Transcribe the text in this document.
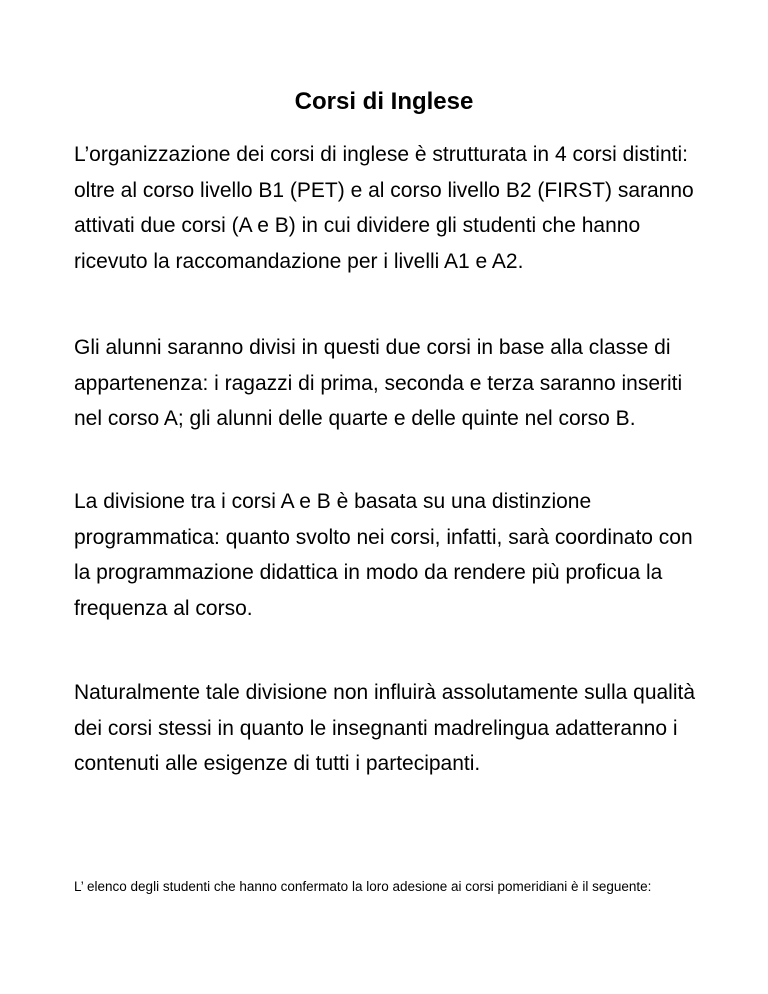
Corsi di Inglese

L’organizzazione dei corsi di inglese è strutturata in 4 corsi distinti: oltre al corso livello B1 (PET) e al corso livello B2 (FIRST) saranno attivati due corsi (A e B) in cui dividere gli studenti che hanno ricevuto la raccomandazione per i livelli A1 e A2.

Gli alunni saranno divisi in questi due corsi in base alla classe di appartenenza: i ragazzi di prima, seconda e terza saranno inseriti nel corso A; gli alunni delle quarte e delle quinte nel corso B.

La divisione tra i corsi A e B è basata su una distinzione programmatica: quanto svolto nei corsi, infatti, sarà coordinato con la programmazione didattica in modo da rendere più proficua la frequenza al corso.

Naturalmente tale divisione non influirà assolutamente sulla qualità dei corsi stessi in quanto le insegnanti madrelingua adatteranno i contenuti alle esigenze di tutti i partecipanti.

L’ elenco degli studenti che hanno confermato la loro adesione ai corsi pomeridiani è il seguente:
